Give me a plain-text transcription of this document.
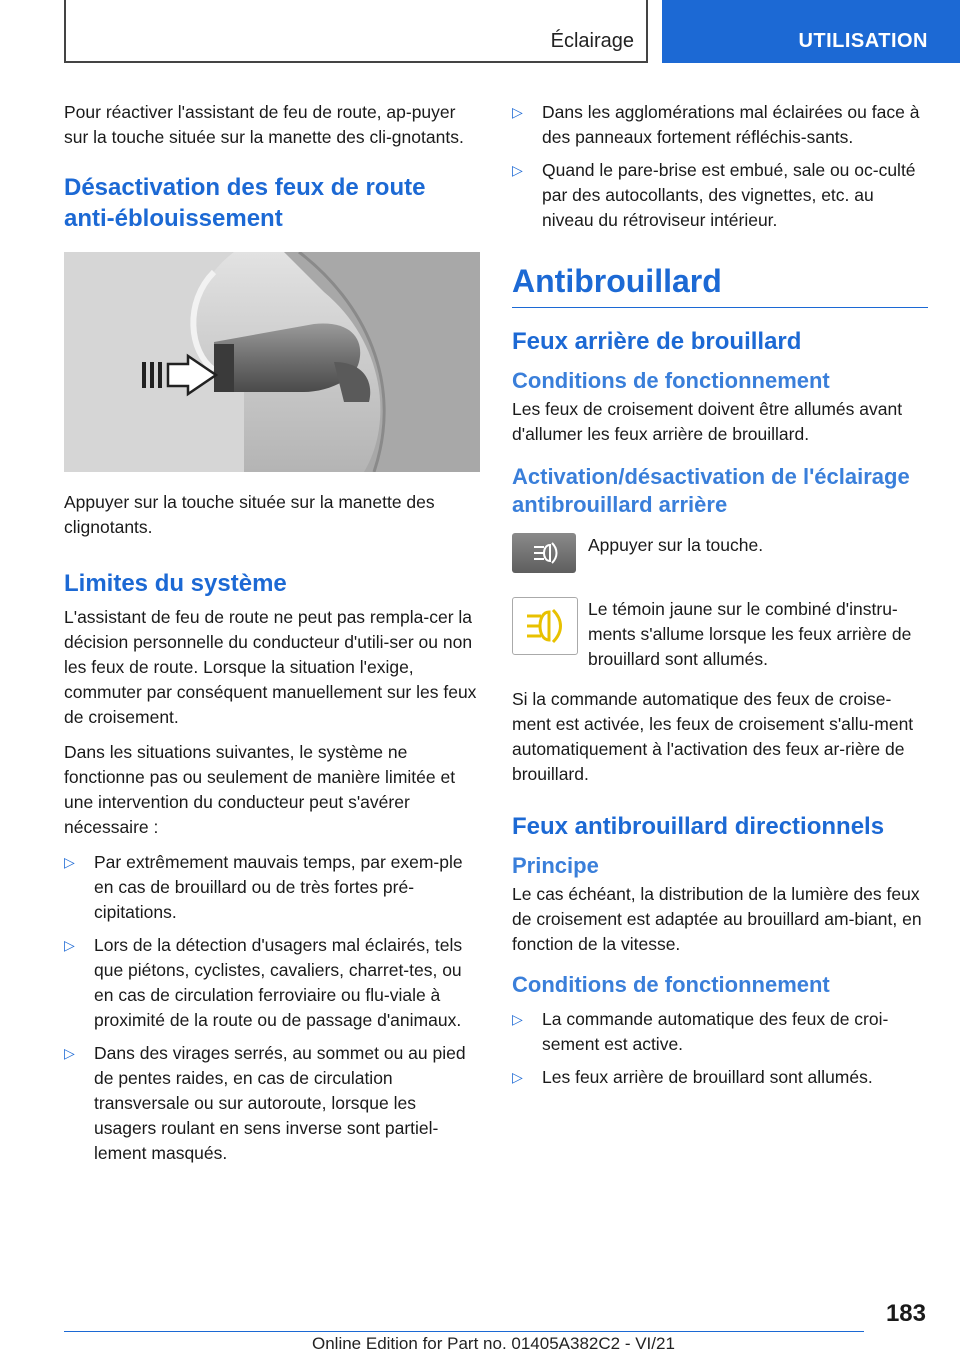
Éclairage	UTILISATION

Pour réactiver l'assistant de feu de route, ap-puyer sur la touche située sur la manette des cli-gnotants.

Désactivation des feux de route anti-éblouissement

Appuyer sur la touche située sur la manette des clignotants.

Limites du système

L'assistant de feu de route ne peut pas rempla-cer la décision personnelle du conducteur d'utili-ser ou non les feux de route. Lorsque la situation l'exige, commuter par conséquent manuellement sur les feux de croisement.

Dans les situations suivantes, le système ne fonctionne pas ou seulement de manière limitée et une intervention du conducteur peut s'avérer nécessaire :

▷ Par extrêmement mauvais temps, par exem-ple en cas de brouillard ou de très fortes pré-cipitations.
▷ Lors de la détection d'usagers mal éclairés, tels que piétons, cyclistes, cavaliers, charret-tes, ou en cas de circulation ferroviaire ou flu-viale à proximité de la route ou de passage d'animaux.
▷ Dans des virages serrés, au sommet ou au pied de pentes raides, en cas de circulation transversale ou sur autoroute, lorsque les usagers roulant en sens inverse sont partiel-lement masqués.
▷ Dans les agglomérations mal éclairées ou face à des panneaux fortement réfléchis-sants.
▷ Quand le pare-brise est embué, sale ou oc-culté par des autocollants, des vignettes, etc. au niveau du rétroviseur intérieur.
Antibrouillard
Feux arrière de brouillard
Conditions de fonctionnement

Les feux de croisement doivent être allumés avant d'allumer les feux arrière de brouillard.

Activation/désactivation de l'éclairage antibrouillard arrière

Appuyer sur la touche.

Le témoin jaune sur le combiné d'instru-ments s'allume lorsque les feux arrière de brouillard sont allumés.

Si la commande automatique des feux de croise-ment est activée, les feux de croisement s'allu-ment automatiquement à l'activation des feux ar-rière de brouillard.

Feux antibrouillard directionnels
Principe

Le cas échéant, la distribution de la lumière des feux de croisement est adaptée au brouillard am-biant, en fonction de la vitesse.

Conditions de fonctionnement
▷ La commande automatique des feux de croi-sement est active.
▷ Les feux arrière de brouillard sont allumés.
183
Online Edition for Part no. 01405A382C2 - VI/21
